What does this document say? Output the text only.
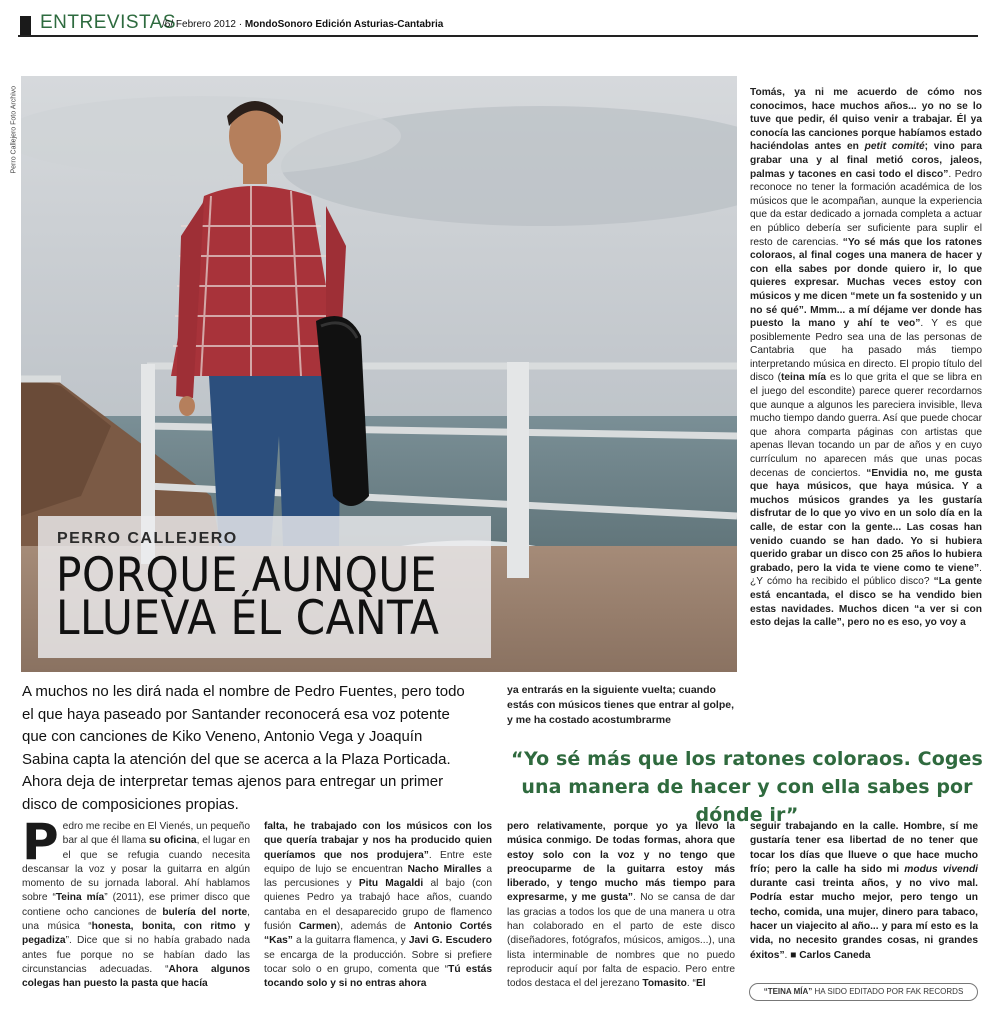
ENTREVISTAS
/6/ Febrero 2012 · MondoSonoro Edición Asturias-Cantabria
Perro Callejero Foto Archivo
PERRO CALLEJERO
PORQUE AUNQUE
LLUEVA ÉL CANTA

Tomás, ya ni me acuerdo de cómo nos conocimos, hace muchos años... yo no se lo tuve que pedir, él quiso venir a trabajar. Él ya conocía las canciones porque habíamos estado haciéndolas antes en petit comité; vino para grabar una y al final metió coros, jaleos, palmas y tacones en casi todo el disco”. Pedro reconoce no tener la formación académica de los músicos que le acompañan, aunque la experiencia que da estar dedicado a jornada completa a actuar en público debería ser suficiente para suplir el resto de carencias. “Yo sé más que los ratones coloraos, al final coges una manera de hacer y con ella sabes por donde quiero ir, lo que quieres expresar. Muchas veces estoy con músicos y me dicen “mete un fa sostenido y un no sé qué”. Mmm... a mí déjame ver donde has puesto la mano y ahí te veo”. Y es que posiblemente Pedro sea una de las personas de Cantabria que ha pasado más tiempo interpretando música en directo. El propio título del disco (teina mía es lo que grita el que se libra en el juego del escondite) parece querer recordarnos que aunque a algunos les pareciera invisible, lleva mucho tiempo dando guerra. Así que puede chocar que ahora comparta páginas con artistas que apenas llevan tocando un par de años y en cuyo currículum no aparecen más que unas pocas decenas de conciertos. “Envidia no, me gusta que haya músicos, que haya música. Y a muchos músicos grandes ya les gustaría disfrutar de lo que yo vivo en un solo día en la calle, de estar con la gente... Las cosas han venido cuando se han dado. Yo si hubiera querido grabar un disco con 25 años lo hubiera grabado, pero la vida te viene como te viene”. ¿Y cómo ha recibido el público disco? “La gente está encantada, el disco se ha vendido bien estas navidades. Muchos dicen “a ver si con esto dejas la calle”, pero no es eso, yo voy a

A muchos no les dirá nada el nombre de Pedro Fuentes, pero todo el que haya paseado por Santander reconocerá esa voz potente que con canciones de Kiko Veneno, Antonio Vega y Joaquín Sabina capta la atención del que se acerca a la Plaza Porticada. Ahora deja de interpretar temas ajenos para entregar un primer disco de composiciones propias.
ya entrarás en la siguiente vuelta; cuando estás con músicos tienes que entrar al golpe, y me ha costado acostumbrarme
“Yo sé más que los ratones coloraos. Coges una manera de hacer y con ella sabes por dónde ir”
Pedro me recibe en El Vienés, un pequeño bar al que él llama su oficina, el lugar en el que se refugia cuando necesita descansar la voz y posar la guitarra en algún momento de su jornada laboral. Ahí hablamos sobre “Teina mía” (2011), ese primer disco que contiene ocho canciones de bulería del norte, una música “honesta, bonita, con ritmo y pegadiza”. Dice que si no había grabado nada antes fue porque no se habían dado las circunstancias adecuadas. “Ahora algunos colegas han puesto la pasta que hacía
falta, he trabajado con los músicos con los que quería trabajar y nos ha producido quien queríamos que nos produjera”. Entre este equipo de lujo se encuentran Nacho Miralles a las percusiones y Pitu Magaldi al bajo (con quienes Pedro ya trabajó hace años, cuando cantaba en el desaparecido grupo de flamenco fusión Carmen), además de Antonio Cortés “Kas” a la guitarra flamenca, y Javi G. Escudero se encarga de la producción. Sobre si prefiere tocar solo o en grupo, comenta que “Tú estás tocando solo y si no entras ahora
pero relativamente, porque yo ya llevo la música conmigo. De todas formas, ahora que estoy solo con la voz y no tengo que preocuparme de la guitarra estoy más liberado, y tengo mucho más tiempo para expresarme, y me gusta”. No se cansa de dar las gracias a todos los que de una manera u otra han colaborado en el parto de este disco (diseñadores, fotógrafos, músicos, amigos...), una lista interminable de nombres que no puedo reproducir aquí por falta de espacio. Pero entre todos destaca el del jerezano Tomasito. “El
seguir trabajando en la calle. Hombre, sí me gustaría tener esa libertad de no tener que tocar los días que llueve o que hace mucho frío; pero la calle ha sido mi modus vivendi durante casi treinta años, y no vivo mal. Podría estar mucho mejor, pero tengo un techo, comida, una mujer, dinero para tabaco, hacer un viajecito al año... y para mí esto es la vida, no necesito grandes cosas, ni grandes éxitos”. ■ Carlos Caneda
“TEINA MÍA” HA SIDO EDITADO POR FAK RECORDS
